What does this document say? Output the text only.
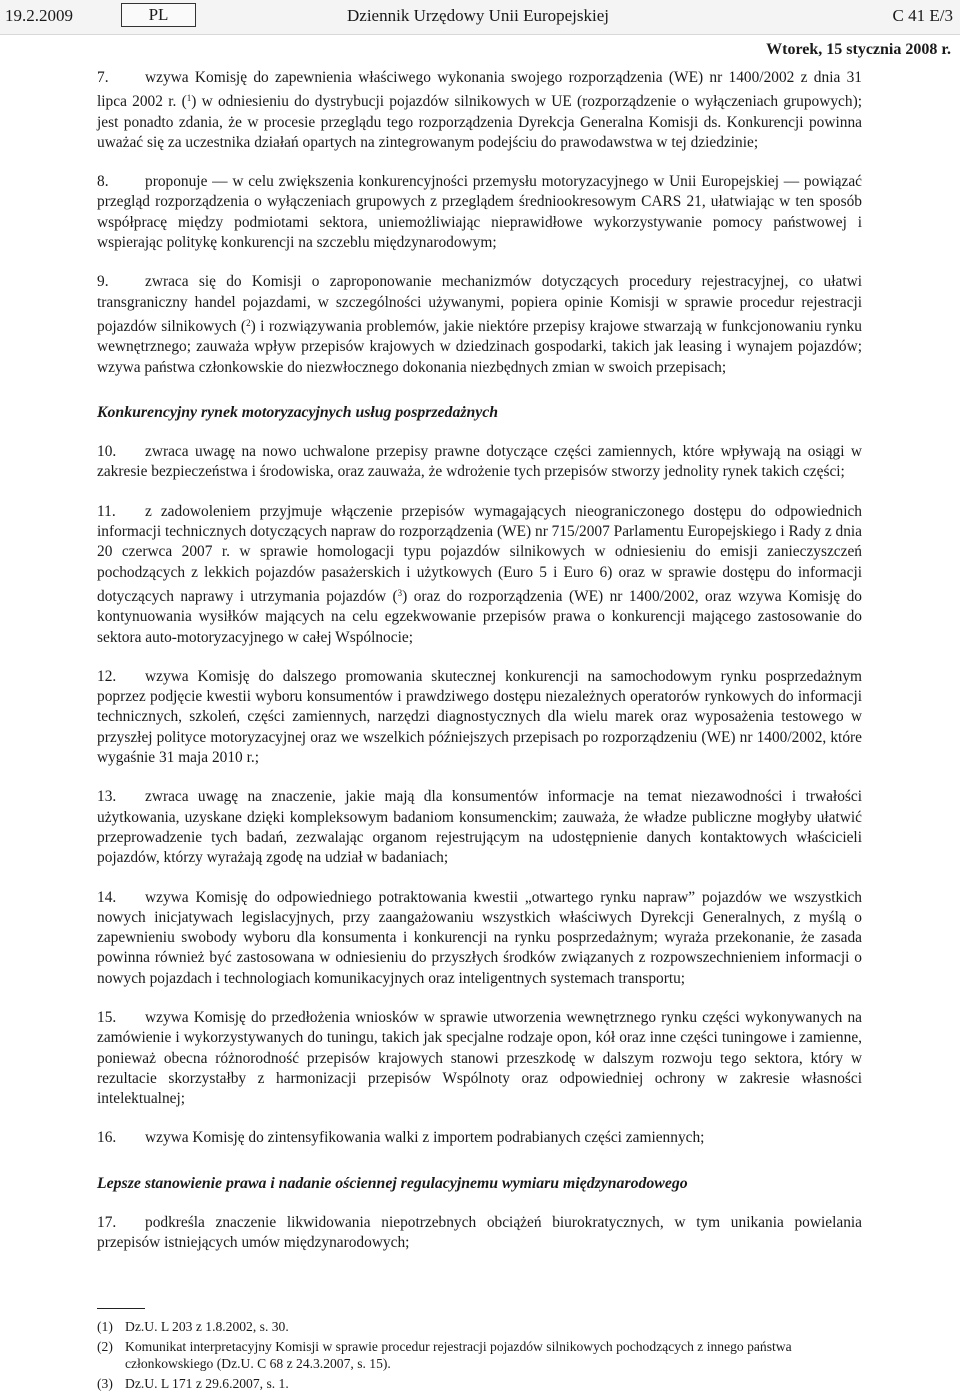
19.2.2009	PL	Dziennik Urzędowy Unii Europejskiej	C 41 E/3
Wtorek, 15 stycznia 2008 r.
7. wzywa Komisję do zapewnienia właściwego wykonania swojego rozporządzenia (WE) nr 1400/2002 z dnia 31 lipca 2002 r. ($^1$) w odniesieniu do dystrybucji pojazdów silnikowych w UE (rozporządzenie o wyłączeniach grupowych); jest ponadto zdania, że w procesie przeglądu tego rozporządzenia Dyrekcja Generalna Komisji ds. Konkurencji powinna uważać się za uczestnika działań opartych na zintegrowanym podejściu do prawodawstwa w tej dziedzinie;
8. proponuje — w celu zwiększenia konkurencyjności przemysłu motoryzacyjnego w Unii Europejskiej — powiązać przegląd rozporządzenia o wyłączeniach grupowych z przeglądem średniookresowym CARS 21, ułatwiając w ten sposób współpracę między podmiotami sektora, uniemożliwiając nieprawidłowe wykorzystywanie pomocy państwowej i wspierając politykę konkurencji na szczeblu międzynarodowym;
9. zwraca się do Komisji o zaproponowanie mechanizmów dotyczących procedury rejestracyjnej, co ułatwi transgraniczny handel pojazdami, w szczególności używanymi, popiera opinie Komisji w sprawie procedur rejestracji pojazdów silnikowych ($^2$) i rozwiązywania problemów, jakie niektóre przepisy krajowe stwarzają w funkcjonowaniu rynku wewnętrznego; zauważa wpływ przepisów krajowych w dziedzinach gospodarki, takich jak leasing i wynajem pojazdów; wzywa państwa członkowskie do niezwłocznego dokonania niezbędnych zmian w swoich przepisach;
Konkurencyjny rynek motoryzacyjnych usług posprzedażnych
10. zwraca uwagę na nowo uchwalone przepisy prawne dotyczące części zamiennych, które wpływają na osiągi w zakresie bezpieczeństwa i środowiska, oraz zauważa, że wdrożenie tych przepisów stworzy jednolity rynek takich części;
11. z zadowoleniem przyjmuje włączenie przepisów wymagających nieograniczonego dostępu do odpowiednich informacji technicznych dotyczących napraw do rozporządzenia (WE) nr 715/2007 Parlamentu Europejskiego i Rady z dnia 20 czerwca 2007 r. w sprawie homologacji typu pojazdów silnikowych w odniesieniu do emisji zanieczyszczeń pochodzących z lekkich pojazdów pasażerskich i użytkowych (Euro 5 i Euro 6) oraz w sprawie dostępu do informacji dotyczących naprawy i utrzymania pojazdów ($^3$) oraz do rozporządzenia (WE) nr 1400/2002, oraz wzywa Komisję do kontynuowania wysiłków mających na celu egzekwowanie przepisów prawa o konkurencji mającego zastosowanie do sektora auto-motoryzacyjnego w całej Wspólnocie;
12. wzywa Komisję do dalszego promowania skutecznej konkurencji na samochodowym rynku posprzedażnym poprzez podjęcie kwestii wyboru konsumentów i prawdziwego dostępu niezależnych operatorów rynkowych do informacji technicznych, szkoleń, części zamiennych, narzędzi diagnostycznych dla wielu marek oraz wyposażenia testowego w przyszłej polityce motoryzacyjnej oraz we wszelkich późniejszych przepisach po rozporządzeniu (WE) nr 1400/2002, które wygaśnie 31 maja 2010 r.;
13. zwraca uwagę na znaczenie, jakie mają dla konsumentów informacje na temat niezawodności i trwałości użytkowania, uzyskane dzięki kompleksowym badaniom konsumenckim; zauważa, że władze publiczne mogłyby ułatwić przeprowadzenie tych badań, zezwalając organom rejestrującym na udostępnienie danych kontaktowych właścicieli pojazdów, którzy wyrażają zgodę na udział w badaniach;
14. wzywa Komisję do odpowiedniego potraktowania kwestii „otwartego rynku napraw” pojazdów we wszystkich nowych inicjatywach legislacyjnych, przy zaangażowaniu wszystkich właściwych Dyrekcji Generalnych, z myślą o zapewnieniu swobody wyboru dla konsumenta i konkurencji na rynku posprzedażnym; wyraża przekonanie, że zasada powinna również być zastosowana w odniesieniu do przyszłych środków związanych z rozpowszechnieniem informacji o nowych pojazdach i technologiach komunikacyjnych oraz inteligentnych systemach transportu;
15. wzywa Komisję do przedłożenia wniosków w sprawie utworzenia wewnętrznego rynku części wykonywanych na zamówienie i wykorzystywanych do tuningu, takich jak specjalne rodzaje opon, kół oraz inne części tuningowe i zamienne, ponieważ obecna różnorodność przepisów krajowych stanowi przeszkodę w dalszym rozwoju tego sektora, który w rezultacie skorzystałby z harmonizacji przepisów Wspólnoty oraz odpowiedniej ochrony w zakresie własności intelektualnej;
16. wzywa Komisję do zintensyfikowania walki z importem podrabianych części zamiennych;
Lepsze stanowienie prawa i nadanie ościennej regulacyjnemu wymiaru międzynarodowego
17. podkreśla znaczenie likwidowania niepotrzebnych obciążeń biurokratycznych, w tym unikania powielania przepisów istniejących umów międzynarodowych;
(1) Dz.U. L 203 z 1.8.2002, s. 30.
(2) Komunikat interpretacyjny Komisji w sprawie procedur rejestracji pojazdów silnikowych pochodzących z innego państwa członkowskiego (Dz.U. C 68 z 24.3.2007, s. 15).
(3) Dz.U. L 171 z 29.6.2007, s. 1.
